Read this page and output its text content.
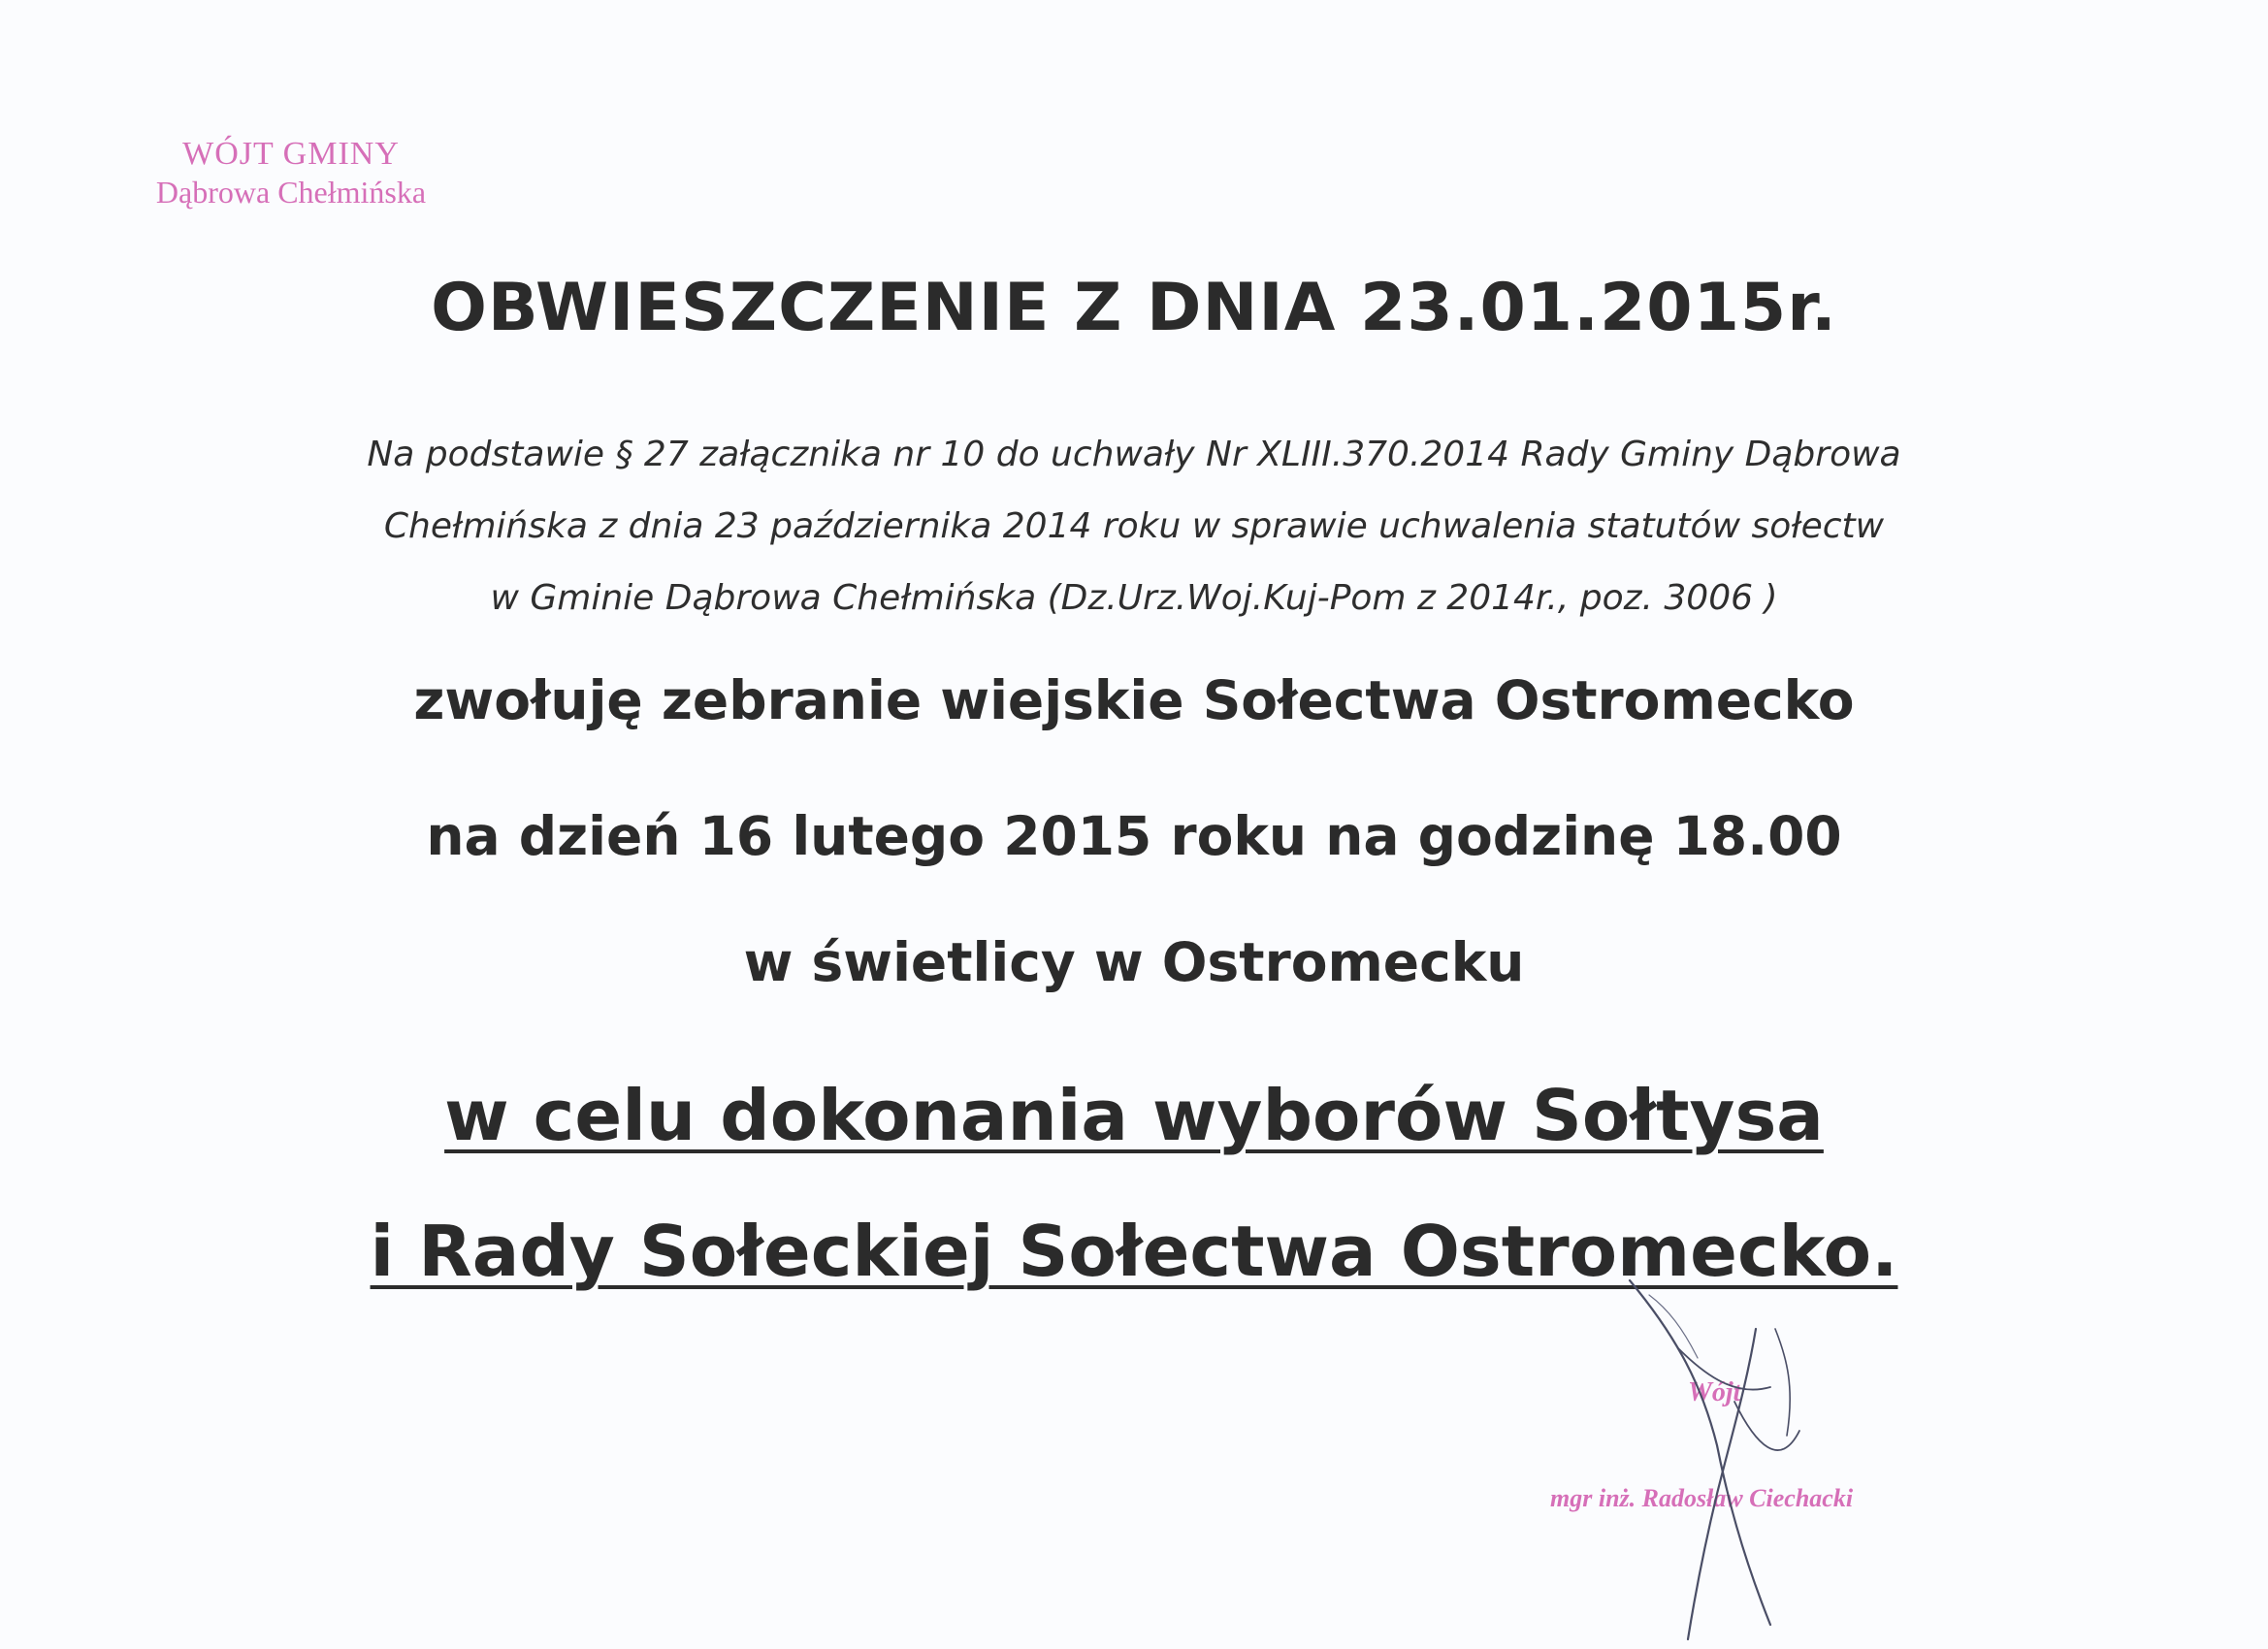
WÓJT GMINY
Dąbrowa Chełmińska
OBWIESZCZENIE Z DNIA 23.01.2015r.
Na podstawie § 27 załącznika nr 10 do uchwały Nr XLIII.370.2014 Rady Gminy Dąbrowa
Chełmińska z dnia 23 października 2014 roku w sprawie uchwalenia statutów sołectw
w Gminie Dąbrowa Chełmińska (Dz.Urz.Woj.Kuj-Pom z 2014r., poz. 3006 )
zwołuję zebranie wiejskie Sołectwa Ostromecko
na dzień 16 lutego 2015 roku na godzinę 18.00
w świetlicy w Ostromecku
w celu dokonania wyborów Sołtysa
i Rady Sołeckiej Sołectwa Ostromecko.
Wójt
mgr inż. Radosław Ciechacki
